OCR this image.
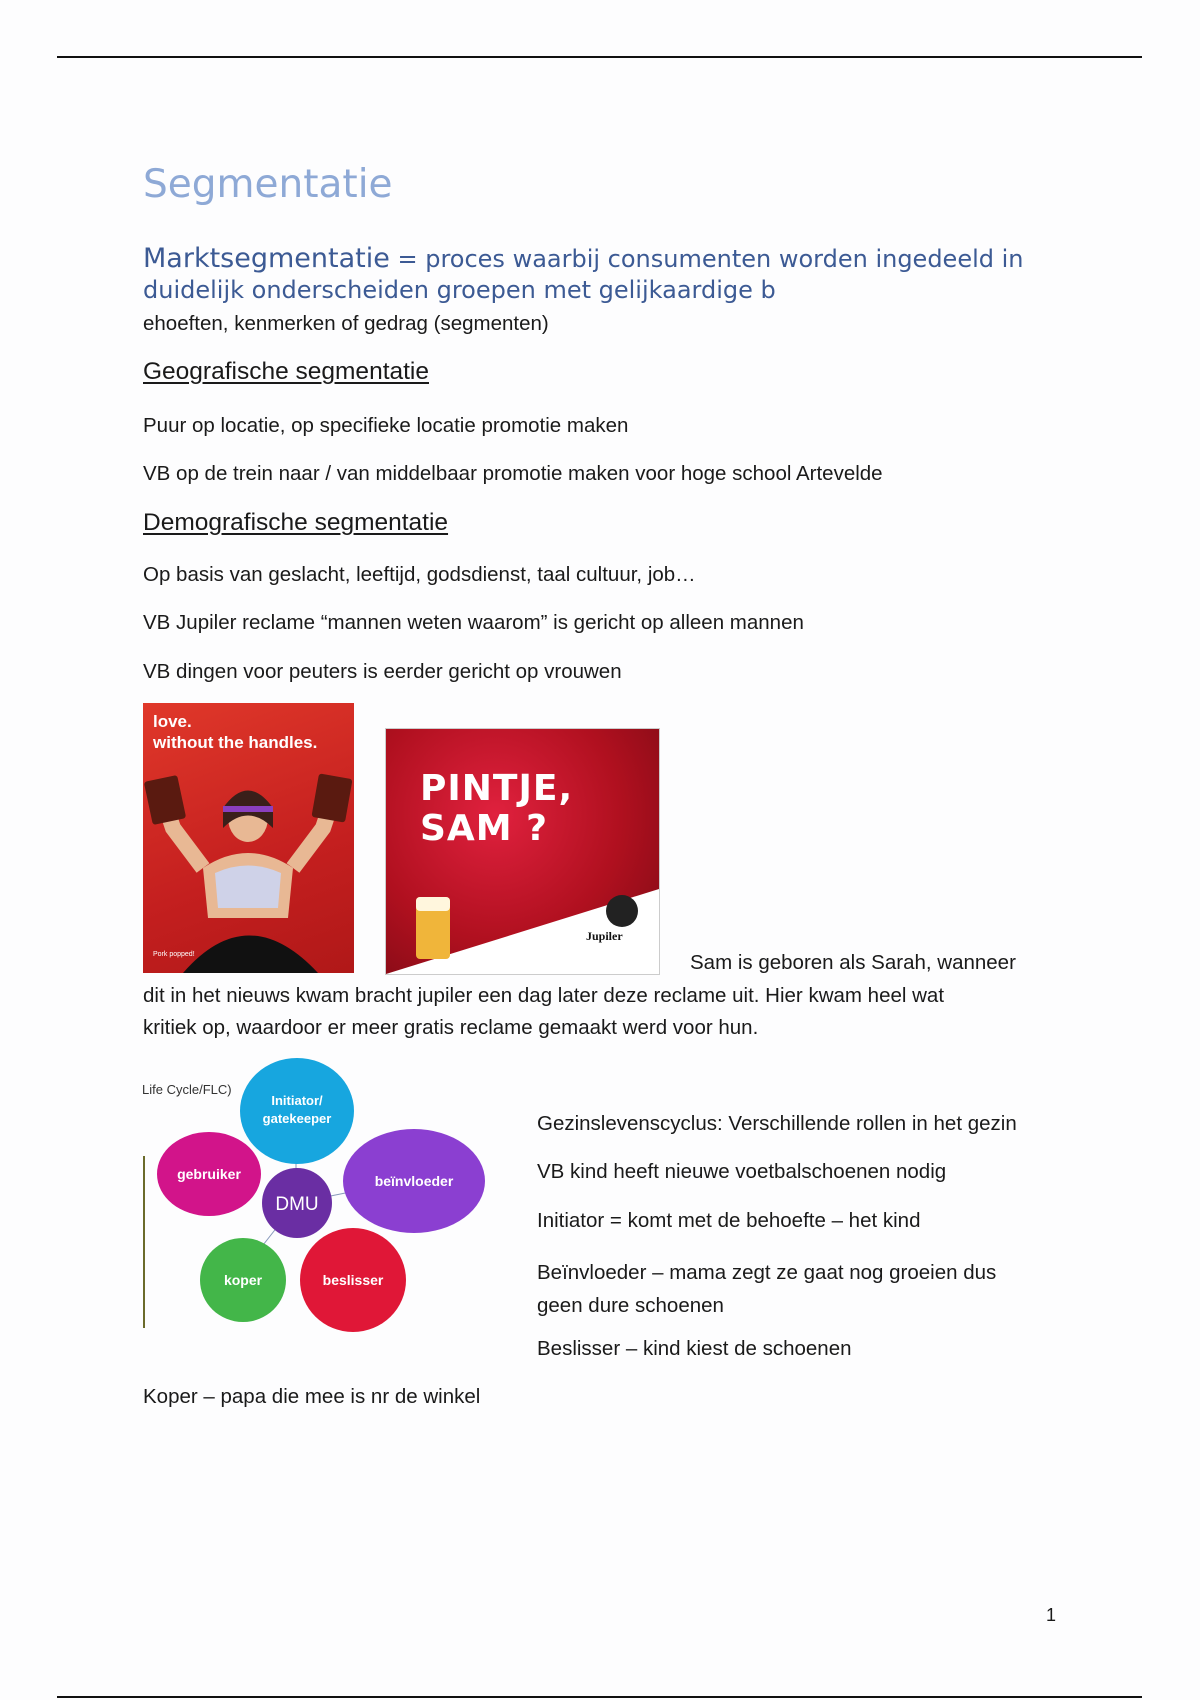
Segmentatie
Marktsegmentatie = proces waarbij consumenten worden ingedeeld in
duidelijk onderscheiden groepen met gelijkaardige b
ehoeften, kenmerken of gedrag (segmenten)
Geografische segmentatie
Puur op locatie, op specifieke locatie promotie maken
VB op de trein naar / van middelbaar promotie maken voor hoge school Artevelde
Demografische segmentatie
Op basis van geslacht, leeftijd, godsdienst, taal cultuur, job…
VB Jupiler reclame “mannen weten waarom” is gericht op alleen mannen
VB dingen voor peuters is eerder gericht op vrouwen
love.
without the handles.
Pork popped!
PINTJE,
SAM ?
Jupiler
Sam is geboren als Sarah, wanneer
dit in het nieuws kwam bracht jupiler een dag later deze reclame uit. Hier kwam heel wat
kritiek op, waardoor er meer gratis reclame gemaakt werd voor hun.
Life Cycle/FLC)
Initiator/
gatekeeper
gebruiker	beïnvloeder
DMU
koper	beslisser
Gezinslevenscyclus: Verschillende rollen in het gezin
VB kind heeft nieuwe voetbalschoenen nodig
Initiator = komt met de behoefte – het kind
Beïnvloeder – mama zegt ze gaat nog groeien dus
geen dure schoenen
Beslisser – kind kiest de schoenen
Koper – papa die mee is nr de winkel
1
